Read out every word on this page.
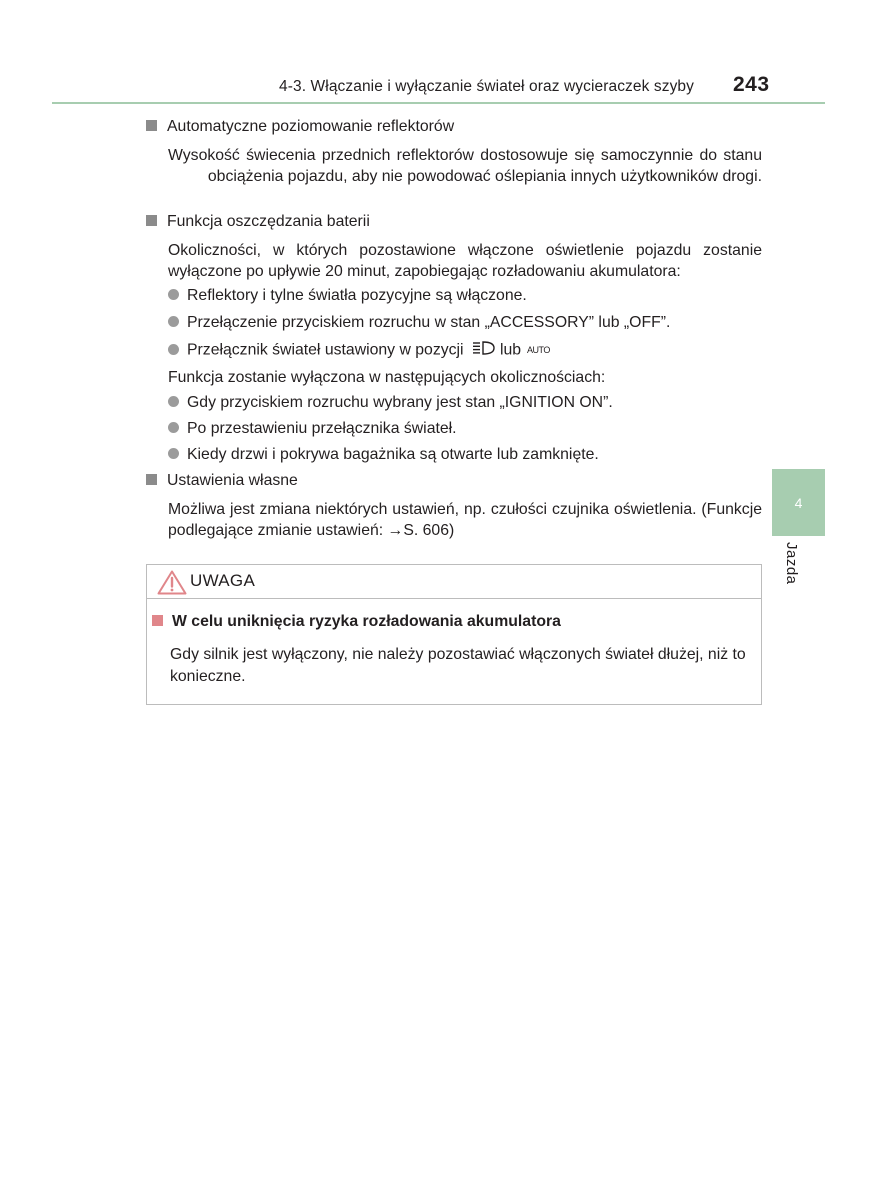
4-3. Włączanie i wyłączanie świateł oraz wycieraczek szyby 243
4
Jazda
Automatyczne poziomowanie reflektorów
Wysokość świecenia przednich reflektorów dostosowuje się samoczynnie do stanu obciążenia pojazdu, aby nie powodować oślepiania innych użytkowników drogi.
Funkcja oszczędzania baterii
Okoliczności, w których pozostawione włączone oświetlenie pojazdu zostanie wyłączone po upływie 20 minut, zapobiegając rozładowaniu akumulatora:
Reflektory i tylne światła pozycyjne są włączone.
Przełączenie przyciskiem rozruchu w stan „ACCESSORY” lub „OFF”.
Przełącznik świateł ustawiony w pozycji lub AUTO
Funkcja zostanie wyłączona w następujących okolicznościach:
Gdy przyciskiem rozruchu wybrany jest stan „IGNITION ON”.
Po przestawieniu przełącznika świateł.
Kiedy drzwi i pokrywa bagażnika są otwarte lub zamknięte.
Ustawienia własne
Możliwa jest zmiana niektórych ustawień, np. czułości czujnika oświetlenia. (Funkcje podlegające zmianie ustawień: →S. 606)
UWAGA
W celu uniknięcia ryzyka rozładowania akumulatora
Gdy silnik jest wyłączony, nie należy pozostawiać włączonych świateł dłużej, niż to konieczne.
